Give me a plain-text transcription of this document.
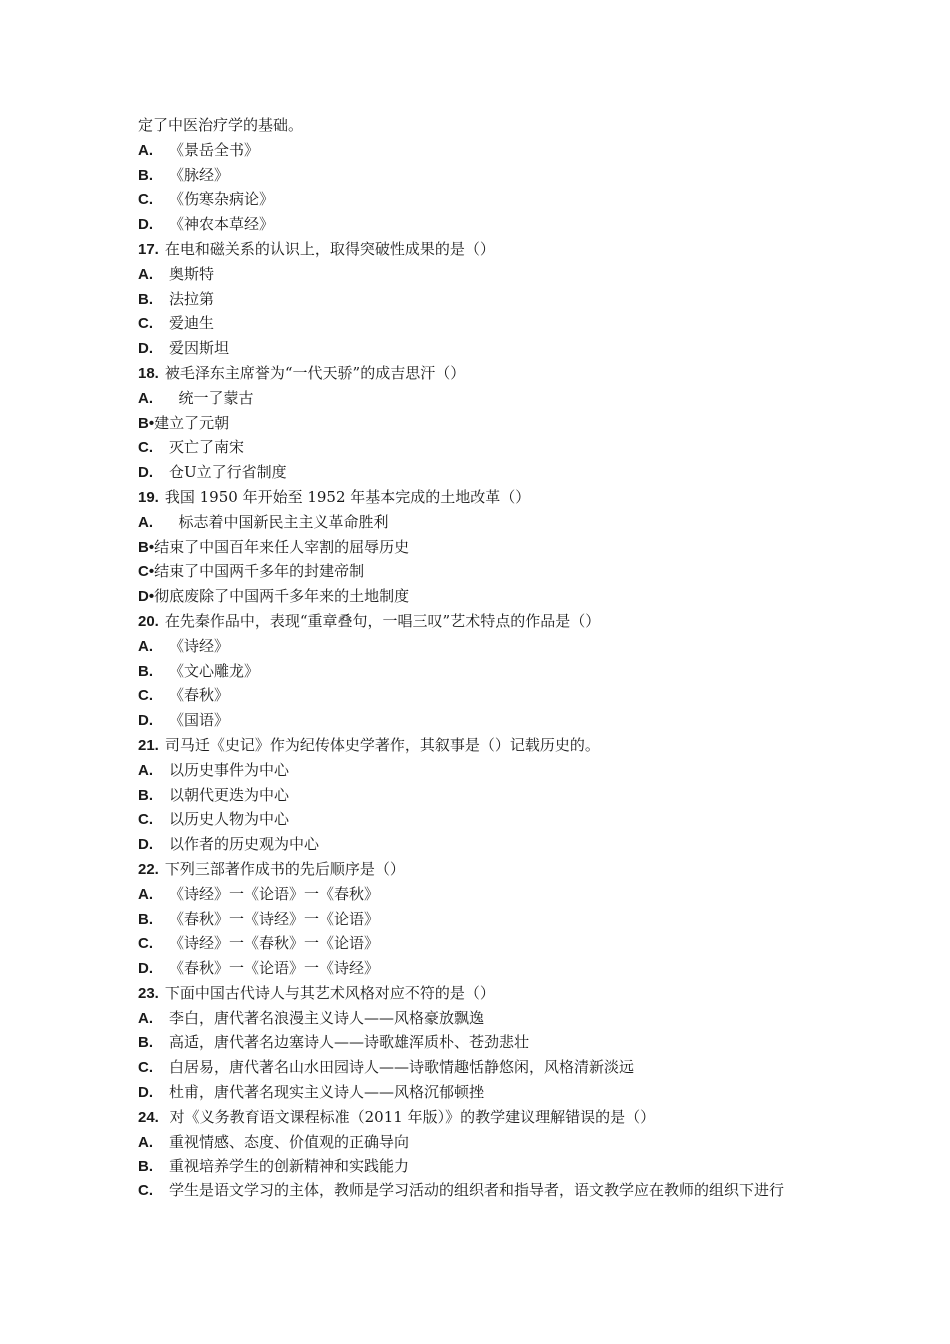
定了中医治疗学的基础。
A. 《景岳全书》
B. 《脉经》
C. 《伤寒杂病论》
D. 《神农本草经》
17. 在电和磁关系的认识上，取得突破性成果的是（）
A. 奥斯特
B. 法拉第
C. 爱迪生
D. 爱因斯坦
18. 被毛泽东主席誉为“一代天骄”的成吉思汗（）
A.  统一了蒙古
B•建立了元朝
C. 灭亡了南宋
D. 仓U立了行省制度
19. 我国 1950 年开始至 1952 年基本完成的土地改革（）
A.  标志着中国新民主主义革命胜利
B•结束了中国百年来任人宰割的屈辱历史
C•结束了中国两千多年的封建帝制
D•彻底废除了中国两千多年来的土地制度
20. 在先秦作品中，表现“重章叠句，一唱三叹”艺术特点的作品是（）
A. 《诗经》
B. 《文心雕龙》
C. 《春秋》
D. 《国语》
21. 司马迁《史记》作为纪传体史学著作，其叙事是（）记载历史的。
A. 以历史事件为中心
B. 以朝代更迭为中心
C. 以历史人物为中心
D. 以作者的历史观为中心
22. 下列三部著作成书的先后顺序是（）
A. 《诗经》一《论语》一《春秋》
B. 《春秋》一《诗经》一《论语》
C. 《诗经》一《春秋》一《论语》
D. 《春秋》一《论语》一《诗经》
23. 下面中国古代诗人与其艺术风格对应不符的是（）
A. 李白，唐代著名浪漫主义诗人——风格豪放飘逸
B. 高适，唐代著名边塞诗人——诗歌雄浑质朴、苍劲悲壮
C. 白居易，唐代著名山水田园诗人——诗歌情趣恬静悠闲，风格清新淡远
D. 杜甫，唐代著名现实主义诗人——风格沉郁顿挫
24. 对《义务教育语文课程标准（2011 年版）》的教学建议理解错误的是（）
A. 重视情感、态度、价值观的正确导向
B. 重视培养学生的创新精神和实践能力
C. 学生是语文学习的主体，教师是学习活动的组织者和指导者，语文教学应在教师的组织下进行
